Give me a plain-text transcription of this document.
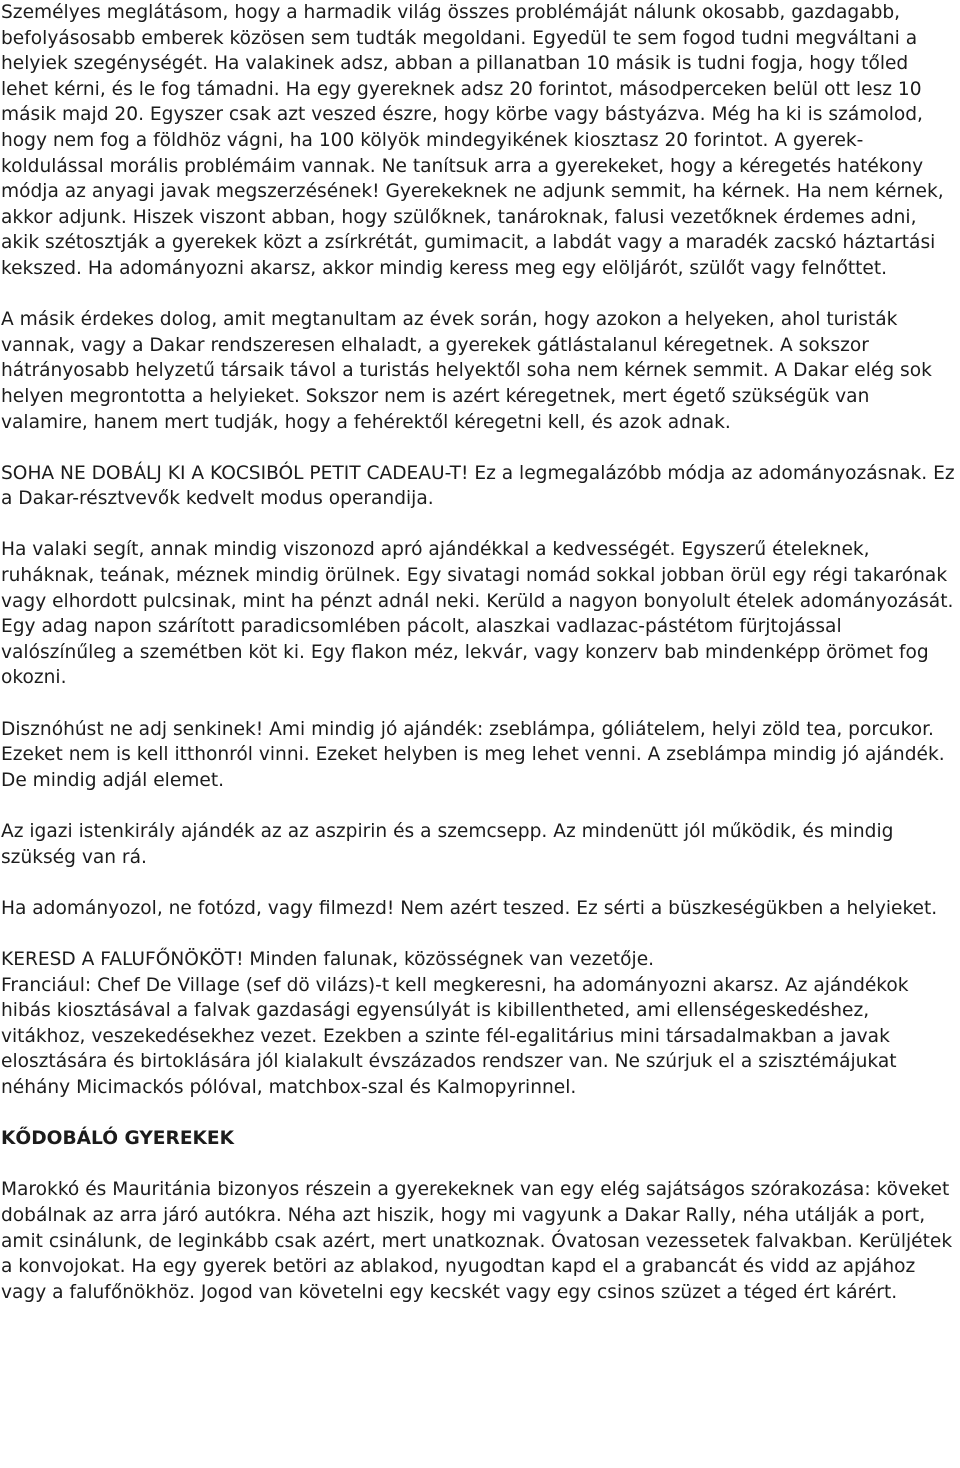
Személyes meglátásom, hogy a harmadik világ összes problémáját nálunk okosabb, gazdagabb, befolyásosabb emberek közösen sem tudták megoldani. Egyedül te sem fogod tudni megváltani a helyiek szegénységét. Ha valakinek adsz, abban a pillanatban 10 másik is tudni fogja, hogy tőled lehet kérni, és le fog támadni. Ha egy gyereknek adsz 20 forintot, másodperceken belül ott lesz 10 másik majd 20. Egyszer csak azt veszed észre, hogy körbe vagy bástyázva. Még ha ki is számolod, hogy nem fog a földhöz vágni, ha 100 kölyök mindegyikének kiosztasz 20 forintot. A gyerek-koldulással morális problémáim vannak. Ne tanítsuk arra a gyerekeket, hogy a kéregetés hatékony módja az anyagi javak megszerzésének! Gyerekeknek ne adjunk semmit, ha kérnek. Ha nem kérnek, akkor adjunk. Hiszek viszont abban, hogy szülőknek, tanároknak, falusi vezetőknek érdemes adni, akik szétosztják a gyerekek közt a zsírkrétát, gumimacit, a labdát vagy a maradék zacskó háztartási kekszed. Ha adományozni akarsz, akkor mindig keress meg egy elöljárót, szülőt vagy felnőttet.

A másik érdekes dolog, amit megtanultam az évek során, hogy azokon a helyeken, ahol turisták vannak, vagy a Dakar rendszeresen elhaladt, a gyerekek gátlástalanul kéregetnek. A sokszor hátrányosabb helyzetű társaik távol a turistás helyektől soha nem kérnek semmit. A Dakar elég sok helyen megrontotta a helyieket. Sokszor nem is azért kéregetnek, mert égető szükségük van valamire, hanem mert tudják, hogy a fehérektől kéregetni kell, és azok adnak.

SOHA NE DOBÁLJ KI A KOCSIBÓL PETIT CADEAU-T! Ez a legmegalázóbb módja az adományozásnak. Ez a Dakar-résztvevők kedvelt modus operandija.

Ha valaki segít, annak mindig viszonozd apró ajándékkal a kedvességét. Egyszerű ételeknek, ruháknak, teának, méznek mindig örülnek. Egy sivatagi nomád sokkal jobban örül egy régi takarónak vagy elhordott pulcsinak, mint ha pénzt adnál neki. Kerüld a nagyon bonyolult ételek adományozását. Egy adag napon szárított paradicsomlében pácolt, alaszkai vadlazac-pástétom fürjtojással valószínűleg a szemétben köt ki. Egy flakon méz, lekvár, vagy konzerv bab mindenképp örömet fog okozni.

Disznóhúst ne adj senkinek! Ami mindig jó ajándék: zseblámpa, góliátelem, helyi zöld tea, porcukor. Ezeket nem is kell itthonról vinni. Ezeket helyben is meg lehet venni. A zseblámpa mindig jó ajándék. De mindig adjál elemet.

Az igazi istenkirály ajándék az az aszpirin és a szemcsepp. Az mindenütt jól működik, és mindig szükség van rá.

Ha adományozol, ne fotózd, vagy filmezd! Nem azért teszed. Ez sérti a büszkeségükben a helyieket.

KERESD A FALUFŐNÖKÖT! Minden falunak, közösségnek van vezetője.

Franciául: Chef De Village (sef dö vilázs)-t kell megkeresni, ha adományozni akarsz. Az ajándékok hibás kiosztásával a falvak gazdasági egyensúlyát is kibillentheted, ami ellenségeskedéshez, vitákhoz, veszekedésekhez vezet. Ezekben a szinte fél-egalitárius mini társadalmakban a javak elosztására és birtoklására jól kialakult évszázados rendszer van. Ne szúrjuk el a szisztémájukat néhány Micimackós pólóval, matchbox-szal és Kalmopyrinnel.

KŐDOBÁLÓ GYEREKEK

Marokkó és Mauritánia bizonyos részein a gyerekeknek van egy elég sajátságos szórakozása: köveket dobálnak az arra járó autókra. Néha azt hiszik, hogy mi vagyunk a Dakar Rally, néha utálják a port, amit csinálunk, de leginkább csak azért, mert unatkoznak. Óvatosan vezessetek falvakban. Kerüljétek a konvojokat. Ha egy gyerek betöri az ablakod, nyugodtan kapd el a grabancát és vidd az apjához vagy a falufőnökhöz. Jogod van követelni egy kecskét vagy egy csinos szüzet a téged ért kárért.
